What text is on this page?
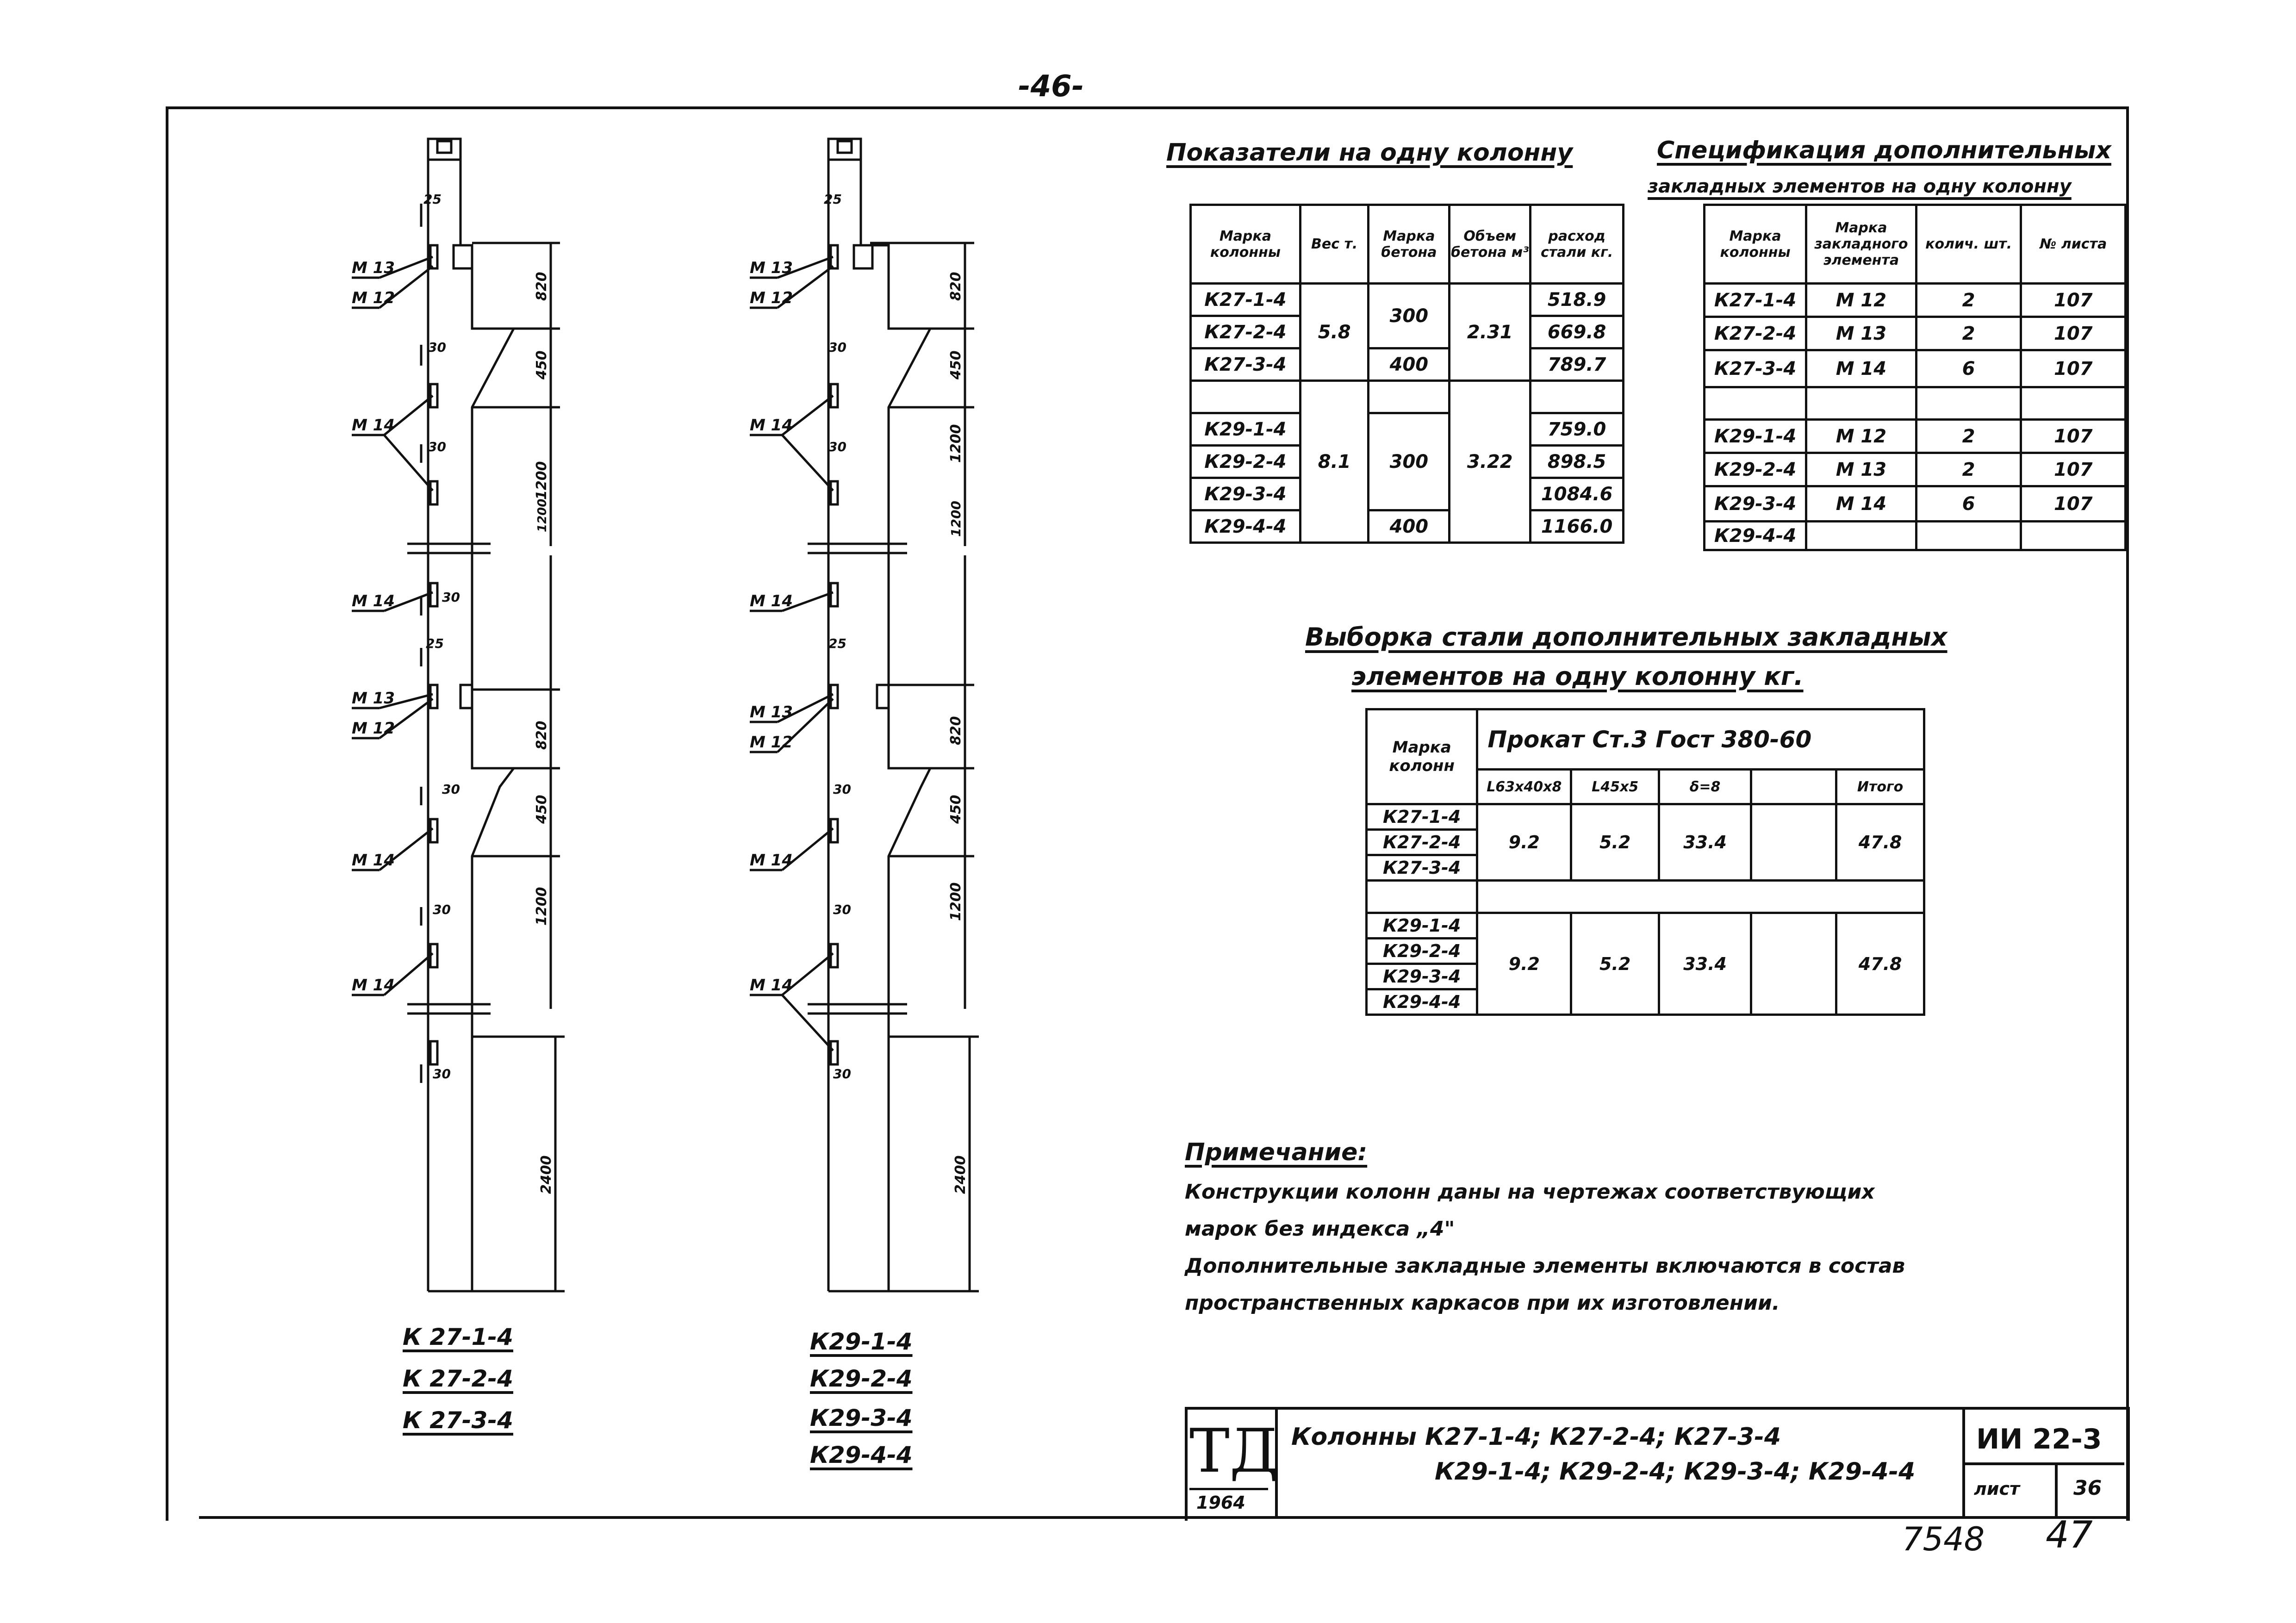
-46-
M 13
M 12
M 14
M 14
M 13
M 12
M 14
M 14
25
30
30
30
25
30
30
30
820
450
1200
1200
820
450
1200
2400
M 13
M 12
M 14
M 14
M 13
M 12
M 14
M 14
25
30
30
25
30
30
30
820
450
1200
1200
820
450
1200
2400
К 27-1-4
К 27-2-4
К 27-3-4
К29-1-4
К29-2-4
К29-3-4
К29-4-4
Показатели на одну колонну
Марка колонны	Вес т.	Марка бетона	Объем бетона м³	расход стали кг.
К27-1-4	5.8	300	2.31	518.9
К27-2-4				669.8
К27-3-4		400		789.7
	8.1		3.22	
К29-1-4		300		759.0
К29-2-4				898.5
К29-3-4				1084.6
К29-4-4		400		1166.0
Спецификация дополнительных
закладных элементов на одну колонну
Марка колонны	Марка закладного элемента	колич. шт.	№ листа
К27-1-4	М 12	2	107
К27-2-4	М 13	2	107
К27-3-4	М 14	6	107

К29-1-4	М 12	2	107
К29-2-4	М 13	2	107
К29-3-4	М 14	6	107
К29-4-4			
Выборка стали дополнительных закладных
элементов на одну колонну кг.
Марка колонн	Прокат Ст.3 Гост 380-60				
	L63x40x8	L45x5	δ=8		Итого
К27-1-4	9.2	5.2	33.4		47.8
К27-2-4					
К27-3-4					

К29-1-4	9.2	5.2	33.4		47.8
К29-2-4					
К29-3-4					
К29-4-4					
Примечание:
Конструкции колонн даны на чертежах соответствующих
марок без индекса „4"
Дополнительные закладные элементы включаются в состав
пространственных каркасов при их изготовлении.
ТД
1964
Колонны К27-1-4; К27-2-4; К27-3-4
К29-1-4; К29-2-4; К29-3-4; К29-4-4
ИИ 22-3
лист	36
7548 47
